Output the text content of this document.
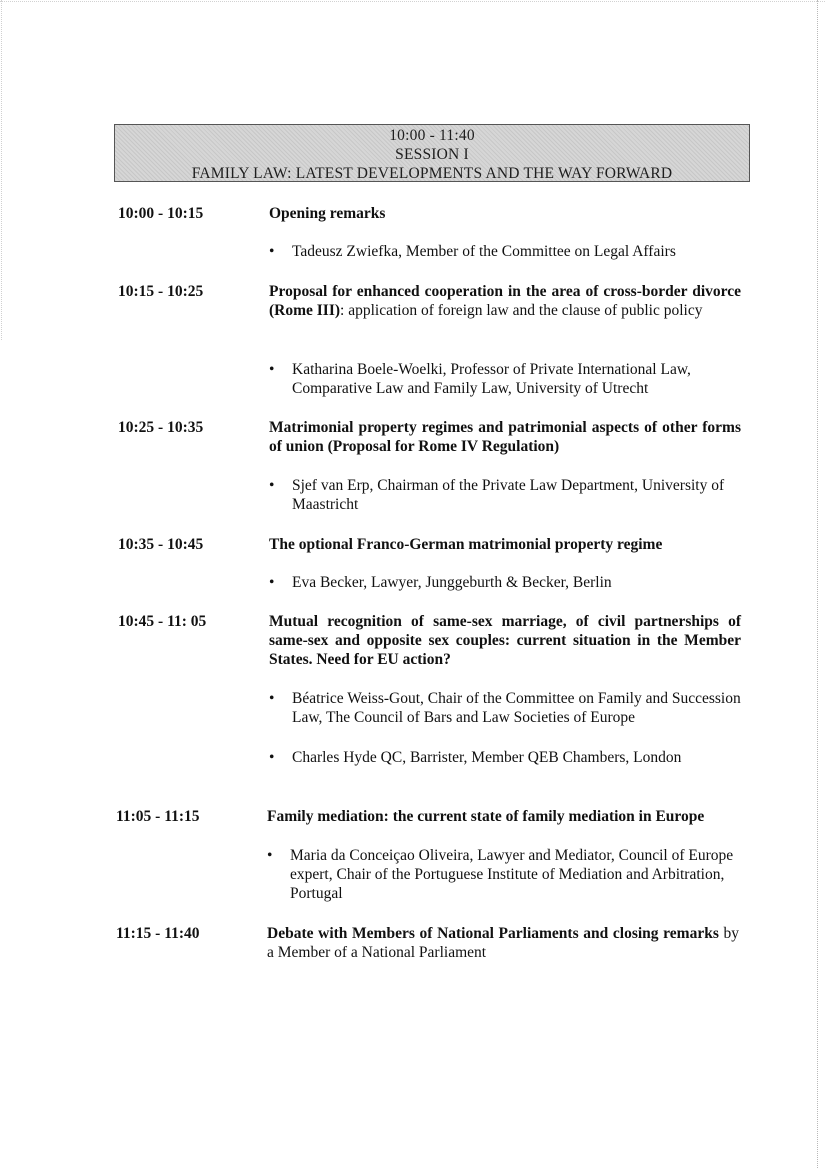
10:00 - 11:40
SESSION I
FAMILY LAW: LATEST DEVELOPMENTS AND THE WAY FORWARD
10:00 - 10:15	Opening remarks
•	Tadeusz Zwiefka, Member of the Committee on Legal Affairs
10:15 - 10:25	Proposal for enhanced cooperation in the area of cross-border divorce (Rome III): application of foreign law and the clause of public policy
•	Katharina Boele-Woelki, Professor of Private International Law, Comparative Law and Family Law, University of Utrecht
10:25 - 10:35	Matrimonial property regimes and patrimonial aspects of other forms of union (Proposal for Rome IV Regulation)
•	Sjef van Erp, Chairman of the Private Law Department, University of Maastricht
10:35 - 10:45	The optional Franco-German matrimonial property regime
•	Eva Becker, Lawyer, Junggeburth & Becker, Berlin
10:45 - 11: 05	Mutual recognition of same-sex marriage, of civil partnerships of same-sex and opposite sex couples: current situation in the Member States. Need for EU action?
•	Béatrice Weiss-Gout, Chair of the Committee on Family and Succession Law, The Council of Bars and Law Societies of Europe
•	Charles Hyde QC, Barrister, Member QEB Chambers, London
11:05 - 11:15	Family mediation: the current state of family mediation in Europe
•	Maria da Conceiçao Oliveira, Lawyer and Mediator, Council of Europe expert, Chair of the Portuguese Institute of Mediation and Arbitration, Portugal
11:15 - 11:40	Debate with Members of National Parliaments and closing remarks by a Member of a National Parliament
